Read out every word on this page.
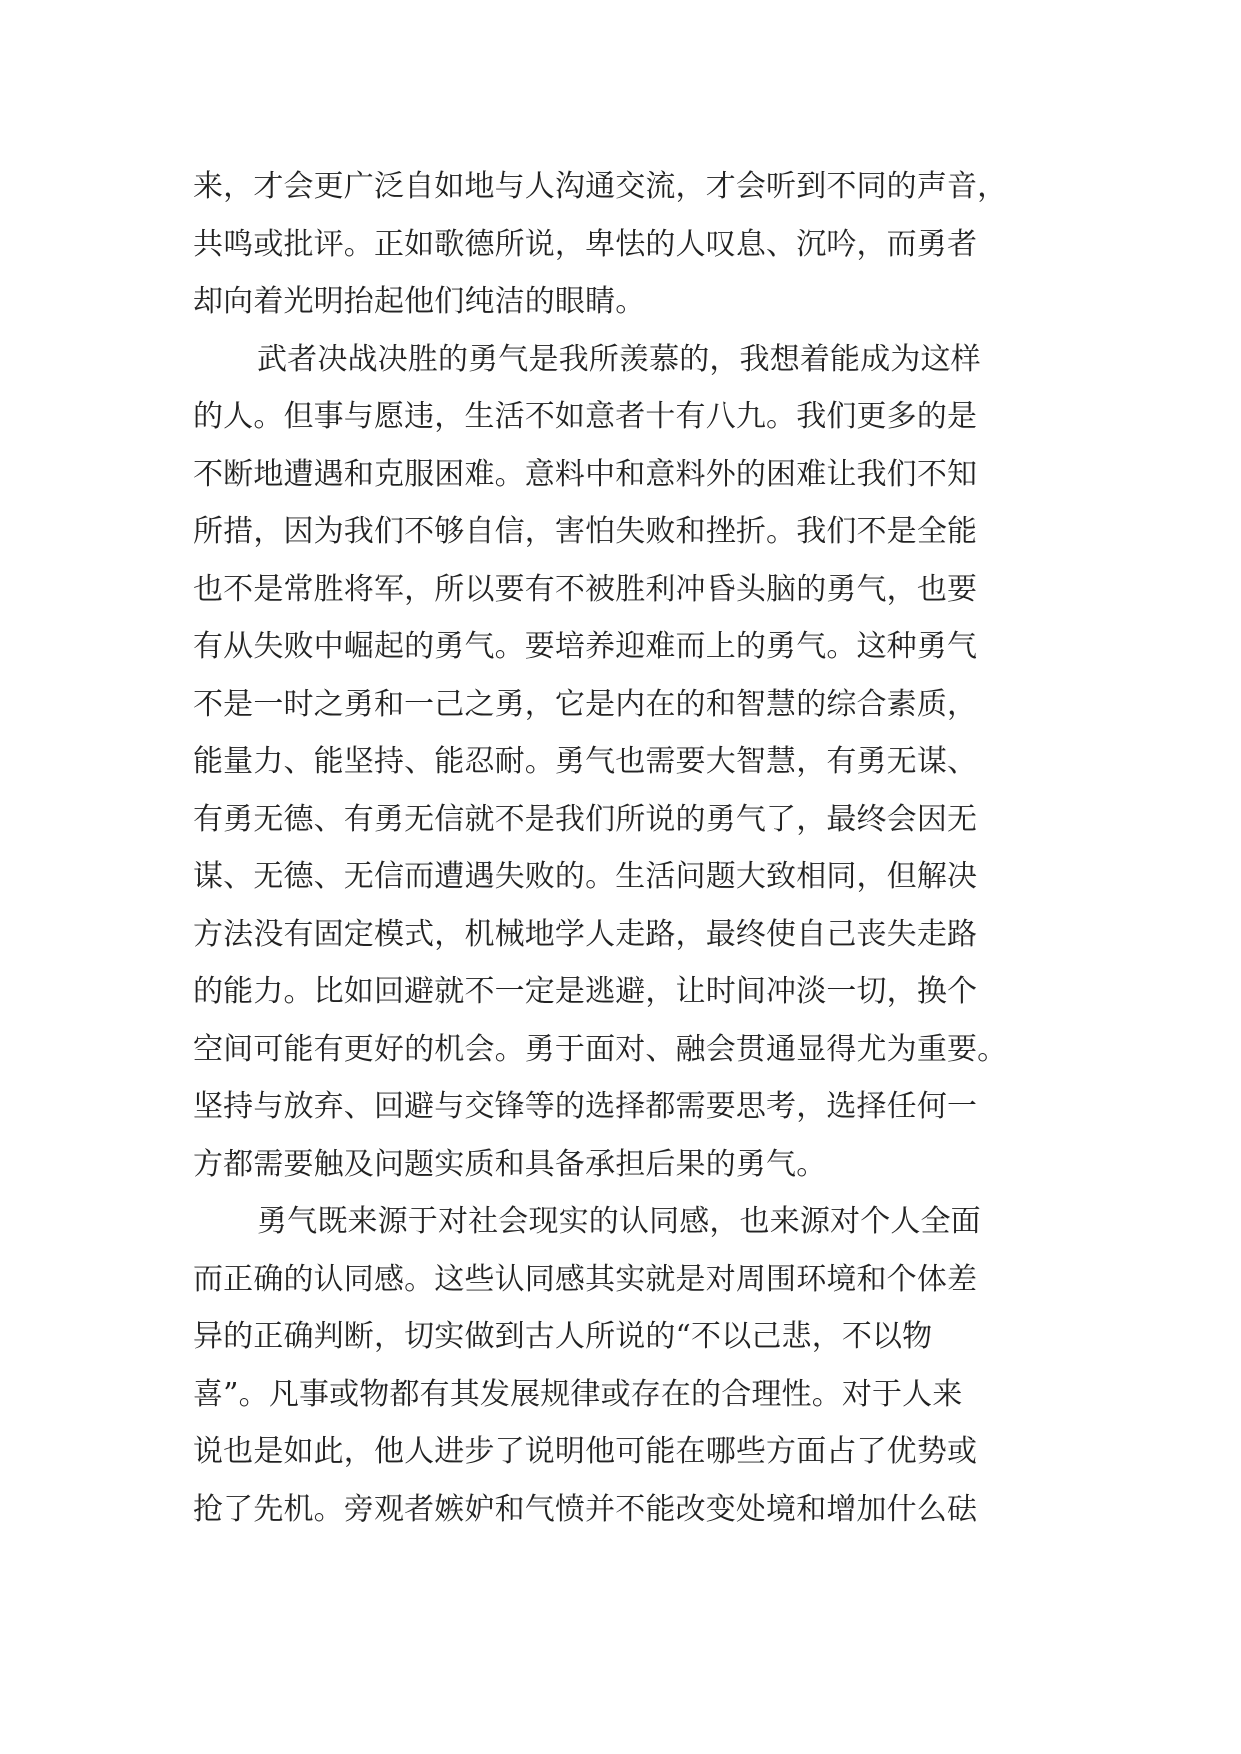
来，才会更广泛自如地与人沟通交流，才会听到不同的声音，
共鸣或批评。正如歌德所说，卑怯的人叹息、沉吟，而勇者
却向着光明抬起他们纯洁的眼睛。
武者决战决胜的勇气是我所羡慕的，我想着能成为这样
的人。但事与愿违，生活不如意者十有八九。我们更多的是
不断地遭遇和克服困难。意料中和意料外的困难让我们不知
所措，因为我们不够自信，害怕失败和挫折。我们不是全能
也不是常胜将军，所以要有不被胜利冲昏头脑的勇气，也要
有从失败中崛起的勇气。要培养迎难而上的勇气。这种勇气
不是一时之勇和一己之勇，它是内在的和智慧的综合素质，
能量力、能坚持、能忍耐。勇气也需要大智慧，有勇无谋、
有勇无德、有勇无信就不是我们所说的勇气了，最终会因无
谋、无德、无信而遭遇失败的。生活问题大致相同，但解决
方法没有固定模式，机械地学人走路，最终使自己丧失走路
的能力。比如回避就不一定是逃避，让时间冲淡一切，换个
空间可能有更好的机会。勇于面对、融会贯通显得尤为重要。
坚持与放弃、回避与交锋等的选择都需要思考，选择任何一
方都需要触及问题实质和具备承担后果的勇气。
勇气既来源于对社会现实的认同感，也来源对个人全面
而正确的认同感。这些认同感其实就是对周围环境和个体差
异的正确判断，切实做到古人所说的“不以己悲，不以物
喜”。凡事或物都有其发展规律或存在的合理性。对于人来
说也是如此，他人进步了说明他可能在哪些方面占了优势或
抢了先机。旁观者嫉妒和气愤并不能改变处境和增加什么砝
